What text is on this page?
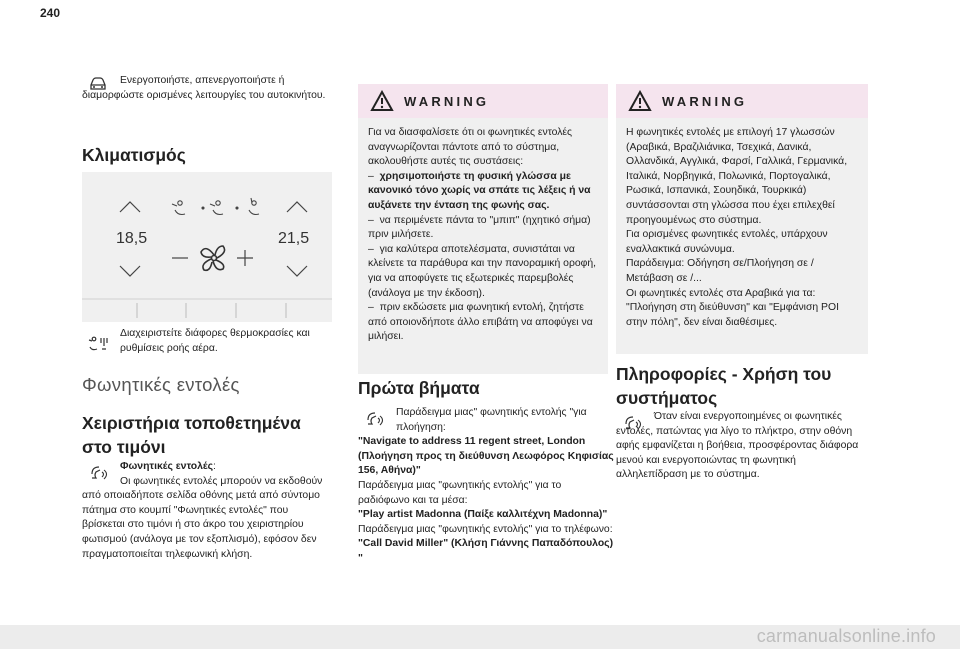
240

Ενεργοποιήστε, απενεργοποιήστε ή διαμορφώστε ορισμένες λειτουργίες του αυτοκινήτου.

Κλιματισμός
18,5	21,5

Διαχειριστείτε διάφορες θερμοκρασίες και ρυθμίσεις ροής αέρα.

Φωνητικές εντολές
Χειριστήρια τοποθετημένα στο τιμόνι

Φωνητικές εντολές:

Οι φωνητικές εντολές μπορούν να εκδοθούν από οποιαδήποτε σελίδα οθόνης μετά από σύντομο πάτημα στο κουμπί "Φωνητικές εντολές" που βρίσκεται στο τιμόνι ή στο άκρο του χειριστηρίου φωτισμού (ανάλογα με τον εξοπλισμό), εφόσον δεν πραγματοποιείται τηλεφωνική κλήση.

WARNING

Για να διασφαλίσετε ότι οι φωνητικές εντολές αναγνωρίζονται πάντοτε από το σύστημα, ακολουθήστε αυτές τις συστάσεις:

– χρησιμοποιήστε τη φυσική γλώσσα με κανονικό τόνο χωρίς να σπάτε τις λέξεις ή να αυξάνετε την ένταση της φωνής σας.

– να περιμένετε πάντα το "μπιπ" (ηχητικό σήμα) πριν μιλήσετε.

– για καλύτερα αποτελέσματα, συνιστάται να κλείνετε τα παράθυρα και την πανοραμική οροφή, για να αποφύγετε τις εξωτερικές παρεμβολές (ανάλογα με την έκδοση).

– πριν εκδώσετε μια φωνητική εντολή, ζητήστε από οποιονδήποτε άλλο επιβάτη να αποφύγει να μιλήσει.

Πρώτα βήματα

Παράδειγμα μιας" φωνητικής εντολής "για πλοήγηση:

"Navigate to address 11 regent street, London (Πλοήγηση προς τη διεύθυνση Λεωφόρος Κηφισίας 156, Αθήνα)"

Παράδειγμα μιας "φωνητικής εντολής" για το ραδιόφωνο και τα μέσα:

"Play artist Madonna (Παίξε καλλιτέχνη Madonna)"

Παράδειγμα μιας "φωνητικής εντολής" για το τηλέφωνο:

"Call David Miller" (Κλήση Γιάννης Παπαδόπουλος) "

WARNING

Η φωνητικές εντολές με επιλογή 17 γλωσσών (Αραβικά, Βραζιλιάνικα, Τσεχικά, Δανικά, Ολλανδικά, Αγγλικά, Φαρσί, Γαλλικά, Γερμανικά, Ιταλικά, Νορβηγικά, Πολωνικά, Πορτογαλικά, Ρωσικά, Ισπανικά, Σουηδικά, Τουρκικά) συντάσσονται στη γλώσσα που έχει επιλεχθεί προηγουμένως στο σύστημα.

Για ορισμένες φωνητικές εντολές, υπάρχουν εναλλακτικά συνώνυμα.

Παράδειγμα: Οδήγηση σε/Πλοήγηση σε / Μετάβαση σε /...

Οι φωνητικές εντολές στα Αραβικά για τα: "Πλοήγηση στη διεύθυνση" και "Εμφάνιση POI στην πόλη", δεν είναι διαθέσιμες.

Πληροφορίες - Χρήση του συστήματος

Όταν είναι ενεργοποιημένες οι φωνητικές εντολές, πατώντας για λίγο το πλήκτρο, στην οθόνη αφής εμφανίζεται η βοήθεια, προσφέροντας διάφορα μενού και ενεργοποιώντας τη φωνητική αλληλεπίδραση με το σύστημα.

carmanualsonline.info
